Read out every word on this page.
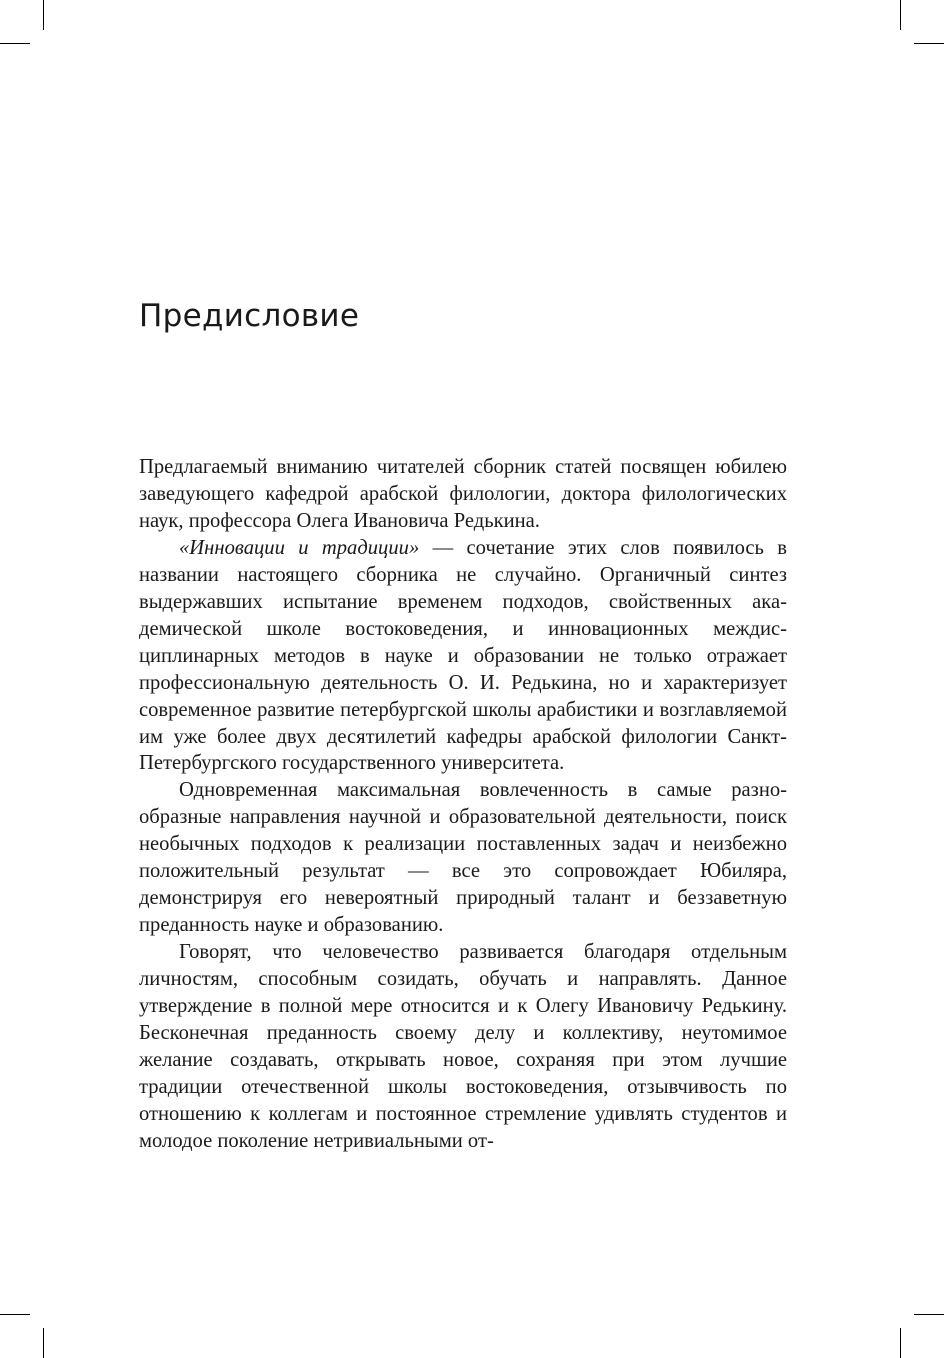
Предисловие

Предлагаемый вниманию читателей сборник статей посвящен юбилею заведующего кафедрой арабской филологии, доктора филологических наук, профессора Олега Ивановича Редькина.

«Инновации и традиции» — сочетание этих слов появилось в названии настоящего сборника не случайно. Органичный синтез выдержавших испытание временем подходов, свойственных академической школе востоковедения, и инновационных междисциплинарных методов в науке и образовании не только отражает профессиональную деятельность О. И. Редькина, но и характеризует современное развитие петербургской школы арабистики и возглавляемой им уже более двух десятилетий кафедры арабской филологии Санкт-Петербургского государственного университета.

Одновременная максимальная вовлеченность в самые разнообразные направления научной и образовательной деятельности, поиск необычных подходов к реализации поставленных задач и неизбежно положительный результат — все это сопровождает Юбиляра, демонстрируя его невероятный природный талант и беззаветную преданность науке и образованию.

Говорят, что человечество развивается благодаря отдельным личностям, способным созидать, обучать и направлять. Данное утверждение в полной мере относится и к Олегу Ивановичу Редькину. Бесконечная преданность своему делу и коллективу, неутомимое желание создавать, открывать новое, сохраняя при этом лучшие традиции отечественной школы востоковедения, отзывчивость по отношению к коллегам и постоянное стремление удивлять студентов и молодое поколение нетривиальными от-
